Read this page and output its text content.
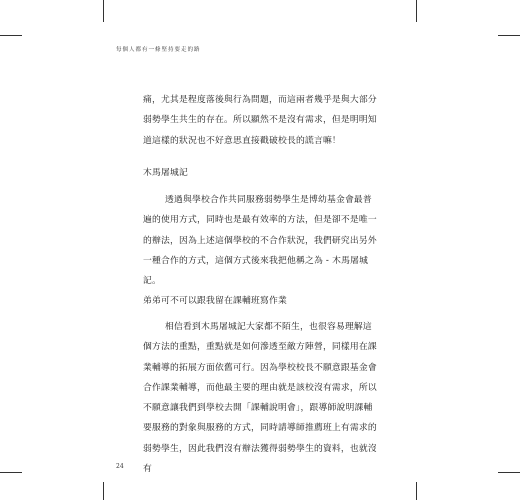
每個人都有一條堅持要走的路
痛，尤其是程度落後與行為問題，而這兩者幾乎是與大部分
弱勢學生共生的存在。所以顯然不是沒有需求，但是明明知
道這樣的狀況也不好意思直接戳破校長的謊言嘛！
木馬屠城記
透過與學校合作共同服務弱勢學生是博幼基金會最普
遍的使用方式，同時也是最有效率的方法，但是卻不是唯一
的辦法，因為上述這個學校的不合作狀況，我們研究出另外
一種合作的方式，這個方式後來我把他稱之為 - 木馬屠城
記。
弟弟可不可以跟我留在課輔班寫作業
相信看到木馬屠城記大家都不陌生，也很容易理解這
個方法的重點，重點就是如何滲透至敵方陣營，同樣用在課
業輔導的拓展方面依舊可行。因為學校校長不願意跟基金會
合作課業輔導，而他最主要的理由就是該校沒有需求，所以
不願意讓我們到學校去開「課輔說明會」，跟導師說明課輔
要服務的對象與服務的方式，同時請導師推薦班上有需求的
弱勢學生，因此我們沒有辦法獲得弱勢學生的資料，也就沒
有
24
